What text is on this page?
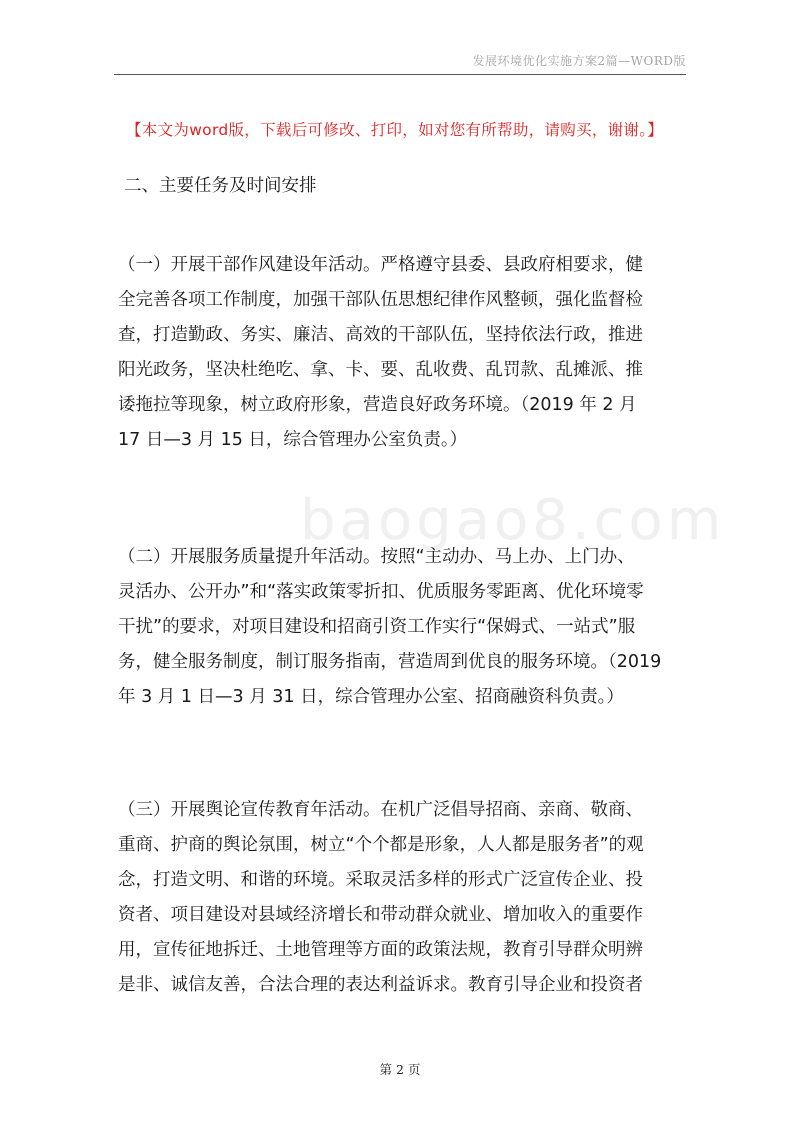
发展环境优化实施方案2篇—WORD版
【本文为word版，下载后可修改、打印，如对您有所帮助，请购买，谢谢。】
二、主要任务及时间安排
baogao8.com

（一）开展干部作风建设年活动。严格遵守县委、县政府相要求，健
全完善各项工作制度，加强干部队伍思想纪律作风整顿，强化监督检
查，打造勤政、务实、廉洁、高效的干部队伍，坚持依法行政，推进
阳光政务，坚决杜绝吃、拿、卡、要、乱收费、乱罚款、乱摊派、推
诿拖拉等现象，树立政府形象，营造良好政务环境。（2019 年 2 月
17 日—3 月 15 日，综合管理办公室负责。）

（二）开展服务质量提升年活动。按照“主动办、马上办、上门办、
灵活办、公开办”和“落实政策零折扣、优质服务零距离、优化环境零
干扰”的要求，对项目建设和招商引资工作实行“保姆式、一站式”服
务，健全服务制度，制订服务指南，营造周到优良的服务环境。（2019
年 3 月 1 日—3 月 31 日，综合管理办公室、招商融资科负责。）

（三）开展舆论宣传教育年活动。在机广泛倡导招商、亲商、敬商、
重商、护商的舆论氛围，树立“个个都是形象，人人都是服务者”的观
念，打造文明、和谐的环境。采取灵活多样的形式广泛宣传企业、投
资者、项目建设对县域经济增长和带动群众就业、增加收入的重要作
用，宣传征地拆迁、土地管理等方面的政策法规，教育引导群众明辨
是非、诚信友善，合法合理的表达利益诉求。教育引导企业和投资者

第 2 页
